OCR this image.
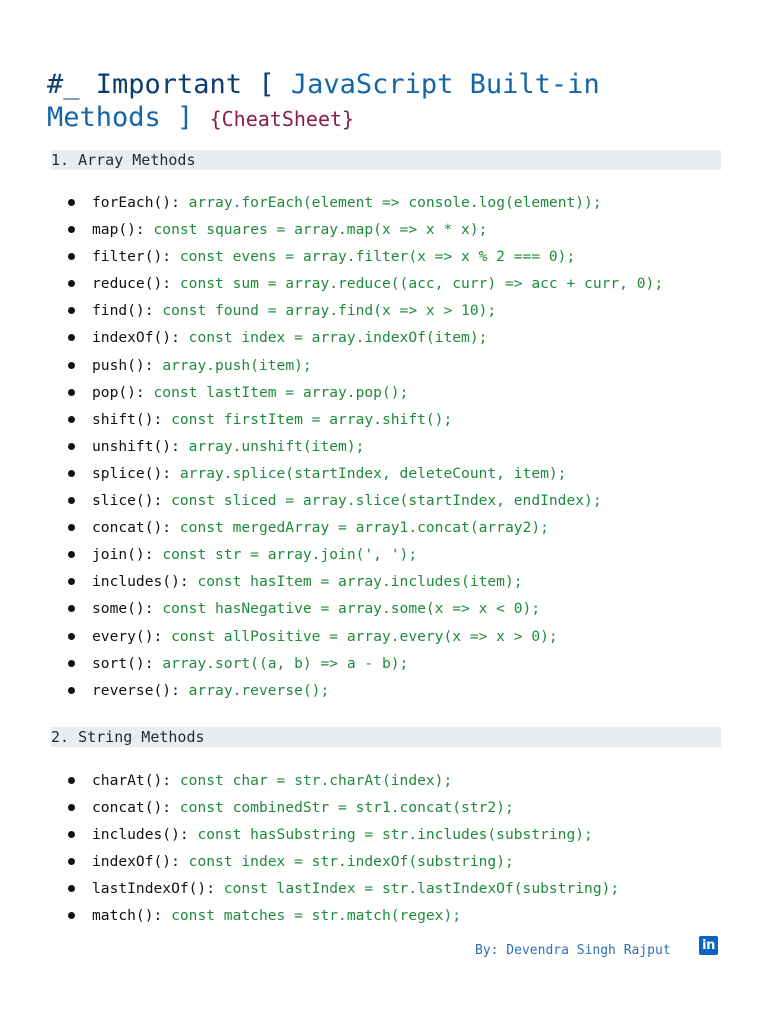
#_ Important [ JavaScript Built-in
Methods ] {CheatSheet}
1. Array Methods
forEach(): array.forEach(element => console.log(element));
map(): const squares = array.map(x => x * x);
filter(): const evens = array.filter(x => x % 2 === 0);
reduce(): const sum = array.reduce((acc, curr) => acc + curr, 0);
find(): const found = array.find(x => x > 10);
indexOf(): const index = array.indexOf(item);
push(): array.push(item);
pop(): const lastItem = array.pop();
shift(): const firstItem = array.shift();
unshift(): array.unshift(item);
splice(): array.splice(startIndex, deleteCount, item);
slice(): const sliced = array.slice(startIndex, endIndex);
concat(): const mergedArray = array1.concat(array2);
join(): const str = array.join(', ');
includes(): const hasItem = array.includes(item);
some(): const hasNegative = array.some(x => x < 0);
every(): const allPositive = array.every(x => x > 0);
sort(): array.sort((a, b) => a - b);
reverse(): array.reverse();
2. String Methods
charAt(): const char = str.charAt(index);
concat(): const combinedStr = str1.concat(str2);
includes(): const hasSubstring = str.includes(substring);
indexOf(): const index = str.indexOf(substring);
lastIndexOf(): const lastIndex = str.lastIndexOf(substring);
match(): const matches = str.match(regex);
By: Devendra Singh Rajput in
